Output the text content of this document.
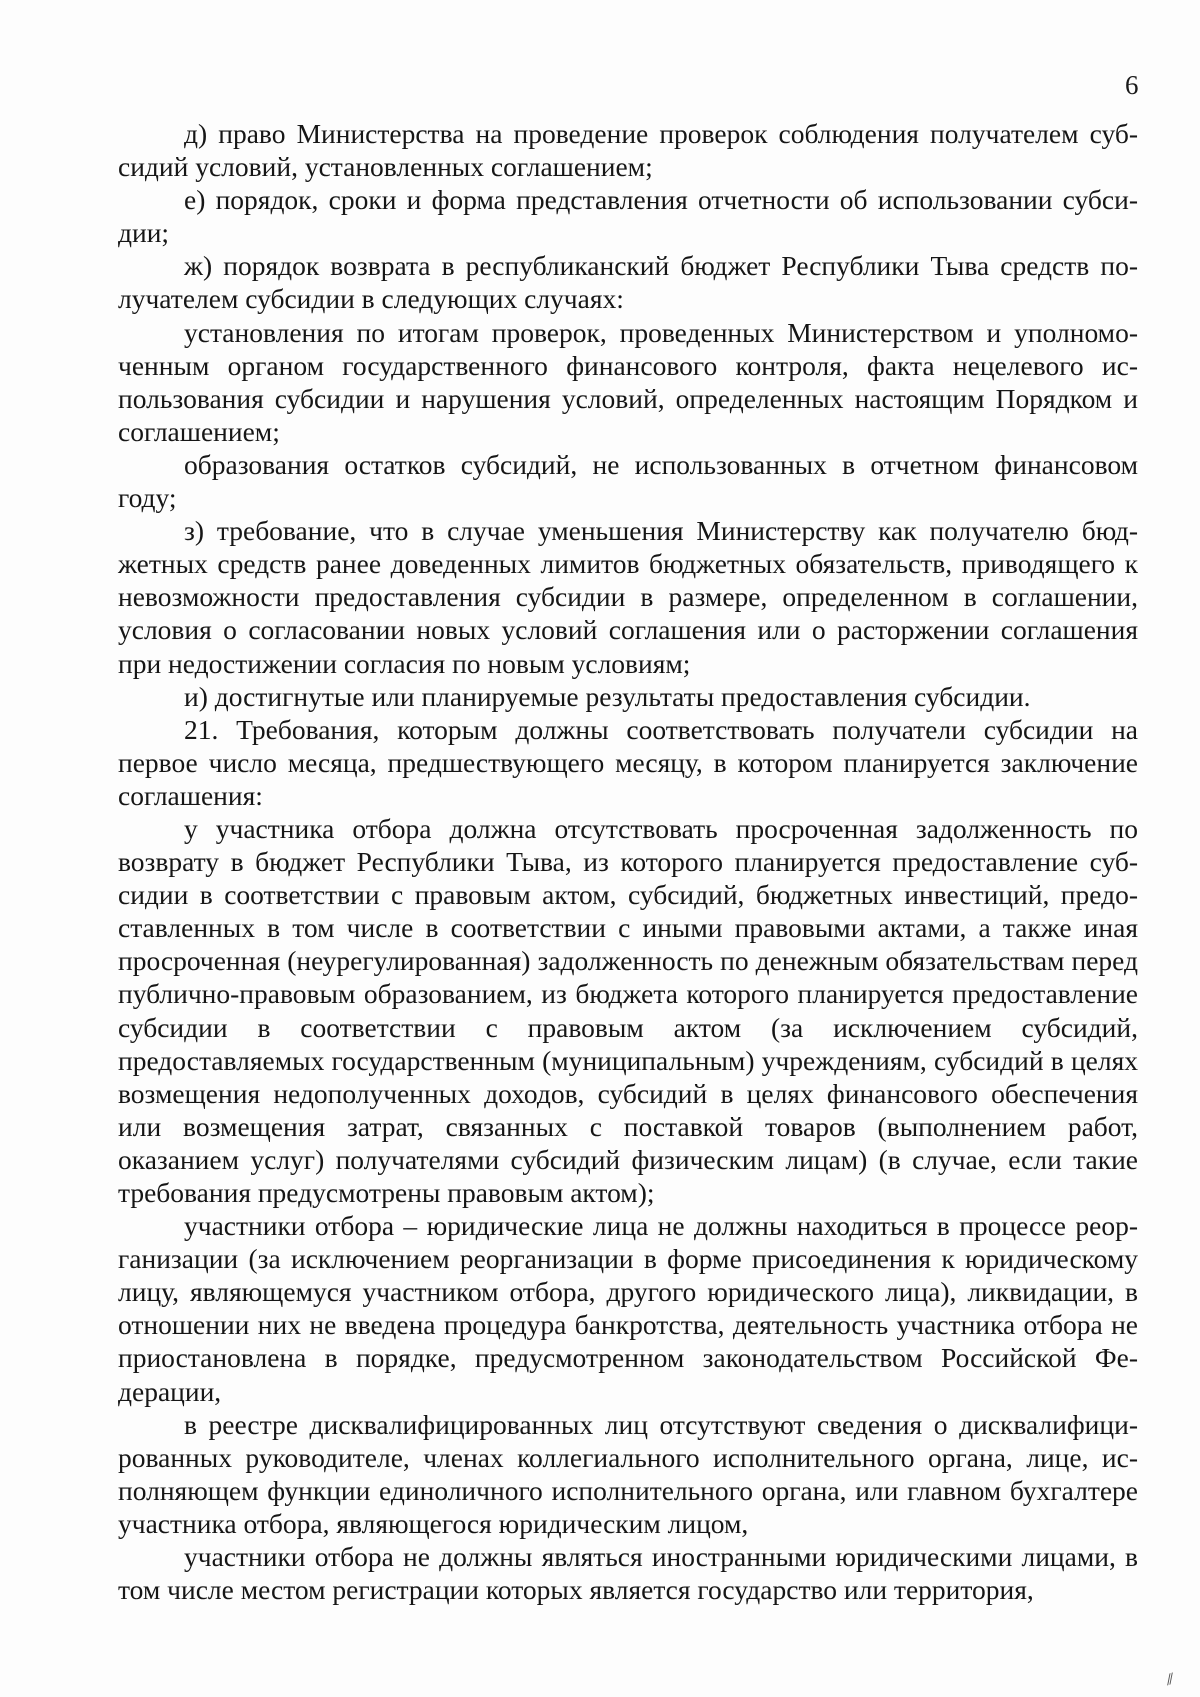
6

д) право Министерства на проведение проверок соблюдения получателем субсидий условий, установленных соглашением;

е) порядок, сроки и форма представления отчетности об использовании субсидии;

ж) порядок возврата в республиканский бюджет Республики Тыва средств получателем субсидии в следующих случаях:

установления по итогам проверок, проведенных Министерством и уполномоченным органом государственного финансового контроля, факта нецелевого использования субсидии и нарушения условий, определенных настоящим Порядком и соглашением;

образования остатков субсидий, не использованных в отчетном финансовом году;

з) требование, что в случае уменьшения Министерству как получателю бюджетных средств ранее доведенных лимитов бюджетных обязательств, приводящего к невозможности предоставления субсидии в размере, определенном в соглашении, условия о согласовании новых условий соглашения или о расторжении соглашения при недостижении согласия по новым условиям;

и) достигнутые или планируемые результаты предоставления субсидии.

21. Требования, которым должны соответствовать получатели субсидии на первое число месяца, предшествующего месяцу, в котором планируется заключение соглашения:

у участника отбора должна отсутствовать просроченная задолженность по возврату в бюджет Республики Тыва, из которого планируется предоставление субсидии в соответствии с правовым актом, субсидий, бюджетных инвестиций, предоставленных в том числе в соответствии с иными правовыми актами, а также иная просроченная (неурегулированная) задолженность по денежным обязательствам перед публично-правовым образованием, из бюджета которого планируется предоставление субсидии в соответствии с правовым актом (за исключением субсидий, предоставляемых государственным (муниципальным) учреждениям, субсидий в целях возмещения недополученных доходов, субсидий в целях финансового обеспечения или возмещения затрат, связанных с поставкой товаров (выполнением работ, оказанием услуг) получателями субсидий физическим лицам) (в случае, если такие требования предусмотрены правовым актом);

участники отбора – юридические лица не должны находиться в процессе реорганизации (за исключением реорганизации в форме присоединения к юридическому лицу, являющемуся участником отбора, другого юридического лица), ликвидации, в отношении них не введена процедура банкротства, деятельность участника отбора не приостановлена в порядке, предусмотренном законодательством Российской Федерации,

в реестре дисквалифицированных лиц отсутствуют сведения о дисквалифицированных руководителе, членах коллегиального исполнительного органа, лице, исполняющем функции единоличного исполнительного органа, или главном бухгалтере участника отбора, являющегося юридическим лицом,

участники отбора не должны являться иностранными юридическими лицами, в том числе местом регистрации которых является государство или территория,

⁄⁄
